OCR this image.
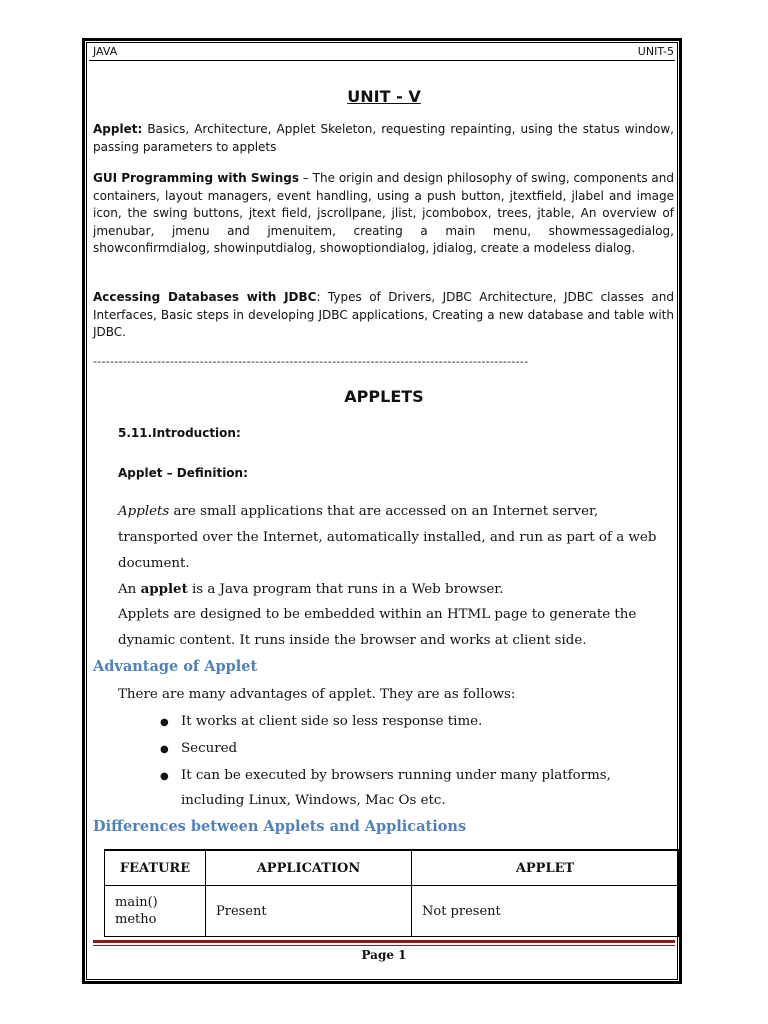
JAVA	UNIT-5
UNIT - V
Applet: Basics, Architecture, Applet Skeleton, requesting repainting, using the status window, passing parameters to applets
GUI Programming with Swings – The origin and design philosophy of swing, components and containers, layout managers, event handling, using a push button, jtextfield, jlabel and image icon, the swing buttons, jtext field, jscrollpane, jlist, jcombobox, trees, jtable, An overview of jmenubar, jmenu and jmenuitem, creating a main menu, showmessagedialog, showconfirmdialog, showinputdialog, showoptiondialog, jdialog, create a modeless dialog.
Accessing Databases with JDBC: Types of Drivers, JDBC Architecture, JDBC classes and Interfaces, Basic steps in developing JDBC applications, Creating a new database and table with JDBC.
------------------------------------------------------------------------------------------------------
APPLETS
5.11.Introduction:
Applet – Definition:
Applets are small applications that are accessed on an Internet server,
transported over the Internet, automatically installed, and run as part of a web
document.
An applet is a Java program that runs in a Web browser.
Applets are designed to be embedded within an HTML page to generate the
dynamic content. It runs inside the browser and works at client side.
Advantage of Applet
There are many advantages of applet. They are as follows:
● It works at client side so less response time.
● Secured
● It can be executed by browsers running under many platforms,
including Linux, Windows, Mac Os etc.
Differences between Applets and Applications
FEATURE	APPLICATION	APPLET
main()
metho	Present	Not present
Page 1
